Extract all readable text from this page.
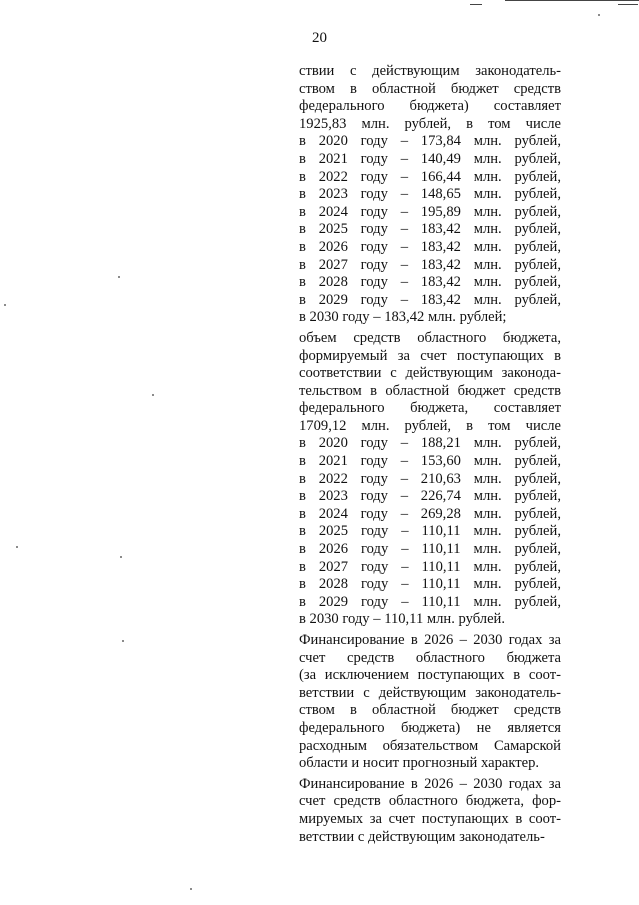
20
ствии с действующим законодатель-
ством в областной бюджет средств
федерального бюджета) составляет
1925,83 млн. рублей, в том числе
в 2020 году – 173,84 млн. рублей,
в 2021 году – 140,49 млн. рублей,
в 2022 году – 166,44 млн. рублей,
в 2023 году – 148,65 млн. рублей,
в 2024 году – 195,89 млн. рублей,
в 2025 году – 183,42 млн. рублей,
в 2026 году – 183,42 млн. рублей,
в 2027 году – 183,42 млн. рублей,
в 2028 году – 183,42 млн. рублей,
в 2029 году – 183,42 млн. рублей,
в 2030 году – 183,42 млн. рублей;
объем средств областного бюджета,
формируемый за счет поступающих в
соответствии с действующим законода-
тельством в областной бюджет средств
федерального бюджета, составляет
1709,12 млн. рублей, в том числе
в 2020 году – 188,21 млн. рублей,
в 2021 году – 153,60 млн. рублей,
в 2022 году – 210,63 млн. рублей,
в 2023 году – 226,74 млн. рублей,
в 2024 году – 269,28 млн. рублей,
в 2025 году – 110,11 млн. рублей,
в 2026 году – 110,11 млн. рублей,
в 2027 году – 110,11 млн. рублей,
в 2028 году – 110,11 млн. рублей,
в 2029 году – 110,11 млн. рублей,
в 2030 году – 110,11 млн. рублей.
Финансирование в 2026 – 2030 годах за
счет средств областного бюджета
(за исключением поступающих в соот-
ветствии с действующим законодатель-
ством в областной бюджет средств
федерального бюджета) не является
расходным обязательством Самарской
области и носит прогнозный характер.
Финансирование в 2026 – 2030 годах за
счет средств областного бюджета, фор-
мируемых за счет поступающих в соот-
ветствии с действующим законодатель-
